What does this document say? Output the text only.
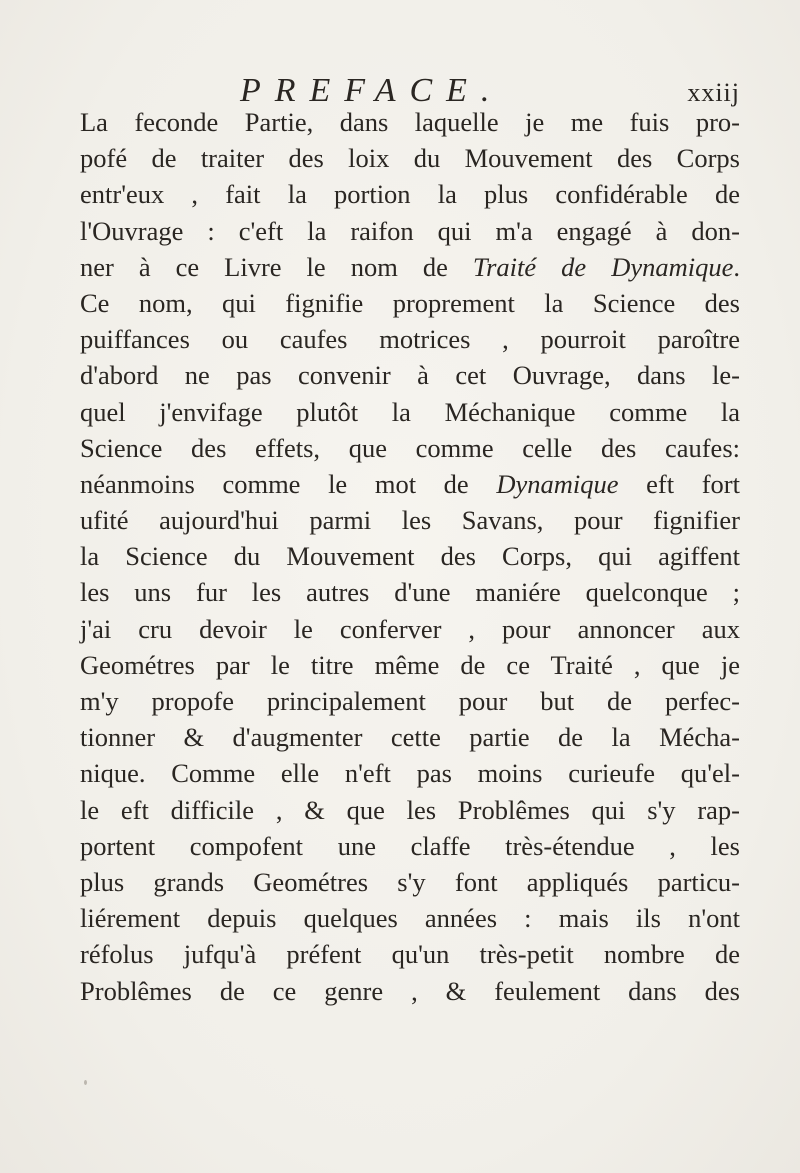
PREFACE.	xxiij
La feconde Partie, dans laquelle je me fuis pro-
pofé de traiter des loix du Mouvement des Corps
entr'eux , fait la portion la plus confidérable de
l'Ouvrage : c'eft la raifon qui m'a engagé à don-
ner à ce Livre le nom de Traité de Dynamique.
Ce nom, qui fignifie proprement la Science des
puiffances ou caufes motrices , pourroit paroître
d'abord ne pas convenir à cet Ouvrage, dans le-
quel j'envifage plutôt la Méchanique comme la
Science des effets, que comme celle des caufes:
néanmoins comme le mot de Dynamique eft fort
ufité aujourd'hui parmi les Savans, pour fignifier
la Science du Mouvement des Corps, qui agiffent
les uns fur les autres d'une maniére quelconque ;
j'ai cru devoir le conferver , pour annoncer aux
Geométres par le titre même de ce Traité , que je
m'y propofe principalement pour but de perfec-
tionner & d'augmenter cette partie de la Mécha-
nique. Comme elle n'eft pas moins curieufe qu'el-
le eft difficile , & que les Problêmes qui s'y rap-
portent compofent une claffe très-étendue , les
plus grands Geométres s'y font appliqués particu-
liérement depuis quelques années : mais ils n'ont
réfolus jufqu'à préfent qu'un très-petit nombre de
Problêmes de ce genre , & feulement dans des
